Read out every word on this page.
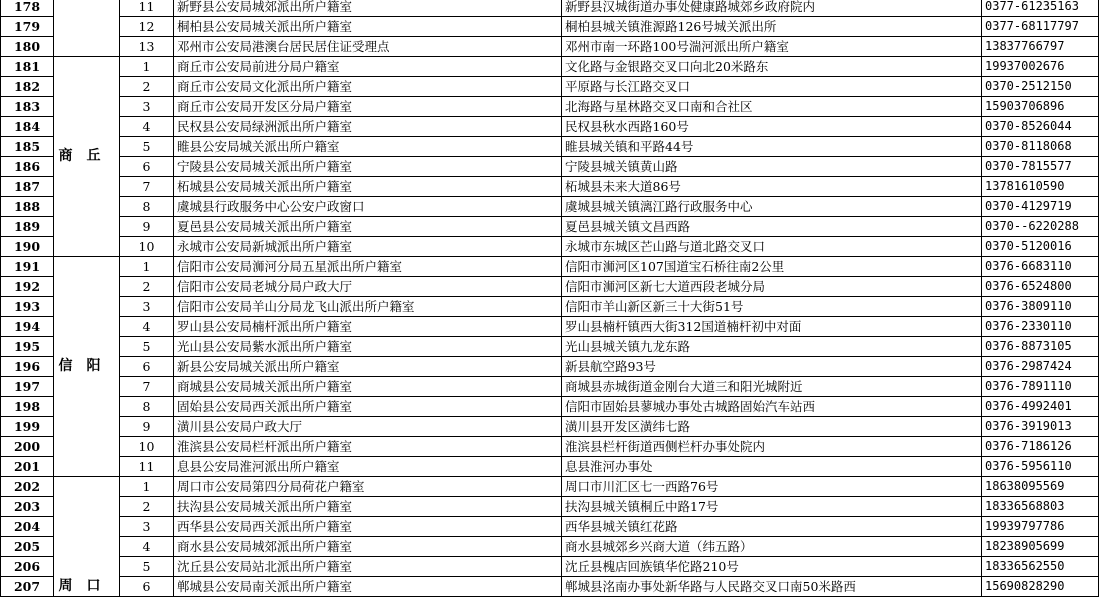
178		11	新野县公安局城郊派出所户籍室	新野县汉城街道办事处健康路城郊乡政府院内	0377-61235163
179		12	桐柏县公安局城关派出所户籍室	桐柏县城关镇淮源路126号城关派出所	0377-68117797
180		13	邓州市公安局港澳台居民居住证受理点	邓州市南一环路100号湍河派出所户籍室	13837766797
181	商丘	1	商丘市公安局前进分局户籍室	文化路与金银路交叉口向北20米路东	19937002676
182		2	商丘市公安局文化派出所户籍室	平原路与长江路交叉口	0370-2512150
183		3	商丘市公安局开发区分局户籍室	北海路与星林路交叉口南和合社区	15903706896
184		4	民权县公安局绿洲派出所户籍室	民权县秋水西路160号	0370-8526044
185		5	睢县公安局城关派出所户籍室	睢县城关镇和平路44号	0370-8118068
186		6	宁陵县公安局城关派出所户籍室	宁陵县城关镇黄山路	0370-7815577
187		7	柘城县公安局城关派出所户籍室	柘城县未来大道86号	13781610590
188		8	虞城县行政服务中心公安户政窗口	虞城县城关镇漓江路行政服务中心	0370-4129719
189		9	夏邑县公安局城关派出所户籍室	夏邑县城关镇文昌西路	0370--6220288
190		10	永城市公安局新城派出所户籍室	永城市东城区芒山路与道北路交叉口	0370-5120016
191	信阳	1	信阳市公安局浉河分局五星派出所户籍室	信阳市浉河区107国道宝石桥往南2公里	0376-6683110
192		2	信阳市公安局老城分局户政大厅	信阳市浉河区新七大道西段老城分局	0376-6524800
193		3	信阳市公安局羊山分局龙飞山派出所户籍室	信阳市羊山新区新三十大街51号	0376-3809110
194		4	罗山县公安局楠杆派出所户籍室	罗山县楠杆镇西大街312国道楠杆初中对面	0376-2330110
195		5	光山县公安局紫水派出所户籍室	光山县城关镇九龙东路	0376-8873105
196		6	新县公安局城关派出所户籍室	新县航空路93号	0376-2987424
197		7	商城县公安局城关派出所户籍室	商城县赤城街道金刚台大道三和阳光城附近	0376-7891110
198		8	固始县公安局西关派出所户籍室	信阳市固始县蓼城办事处古城路固始汽车站西	0376-4992401
199		9	潢川县公安局户政大厅	潢川县开发区潢纬七路	0376-3919013
200		10	淮滨县公安局栏杆派出所户籍室	淮滨县栏杆街道西侧栏杆办事处院内	0376-7186126
201		11	息县公安局淮河派出所户籍室	息县淮河办事处	0376-5956110
202	周口	1	周口市公安局第四分局荷花户籍室	周口市川汇区七一西路76号	18638095569
203		2	扶沟县公安局城关派出所户籍室	扶沟县城关镇桐丘中路17号	18336568803
204		3	西华县公安局西关派出所户籍室	西华县城关镇红花路	19939797786
205		4	商水县公安局城郊派出所户籍室	商水县城郊乡兴商大道（纬五路）	18238905699
206		5	沈丘县公安局站北派出所户籍室	沈丘县槐店回族镇华佗路210号	18336562550
207		6	郸城县公安局南关派出所户籍室	郸城县洺南办事处新华路与人民路交叉口南50米路西	15690828290
